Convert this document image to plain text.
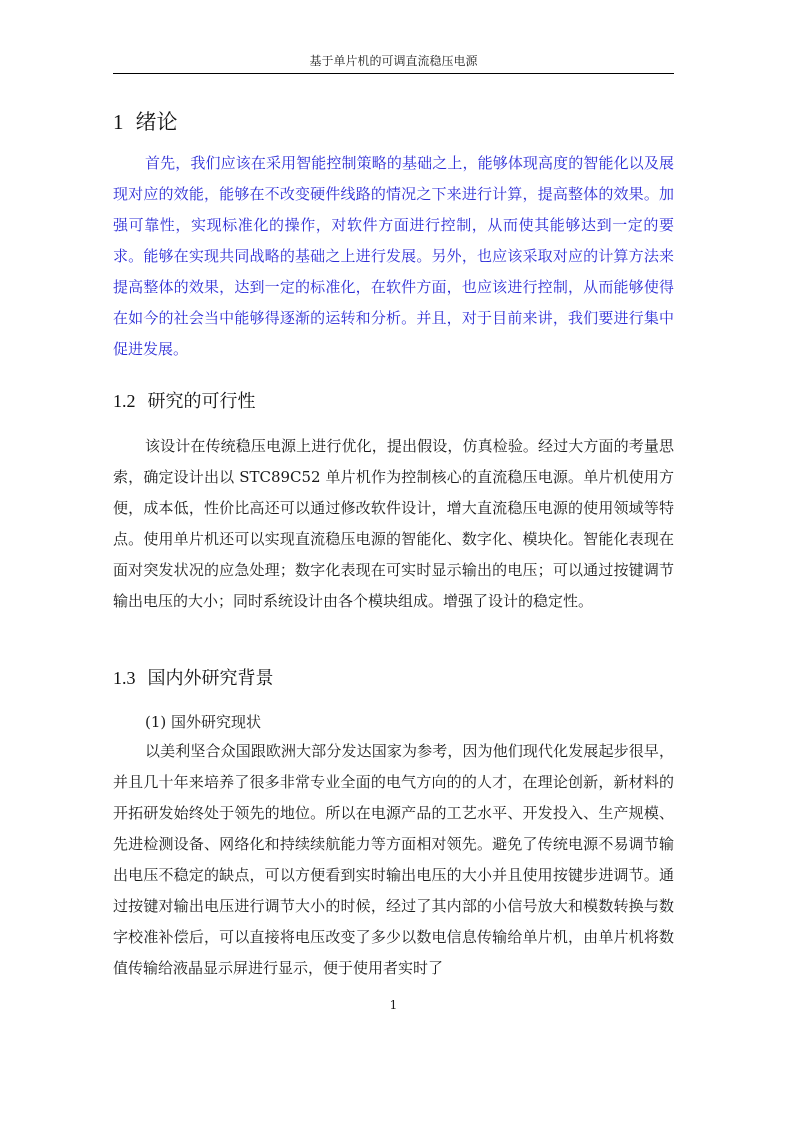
基于单片机的可调直流稳压电源
1 绪论

首先，我们应该在采用智能控制策略的基础之上，能够体现高度的智能化以及展现对应的效能，能够在不改变硬件线路的情况之下来进行计算，提高整体的效果。加强可靠性，实现标准化的操作，对软件方面进行控制，从而使其能够达到一定的要求。能够在实现共同战略的基础之上进行发展。另外，也应该采取对应的计算方法来提高整体的效果，达到一定的标准化，在软件方面，也应该进行控制，从而能够使得在如今的社会当中能够得逐渐的运转和分析。并且，对于目前来讲，我们要进行集中促进发展。

1.2 研究的可行性

该设计在传统稳压电源上进行优化，提出假设，仿真检验。经过大方面的考量思索，确定设计出以 STC89C52 单片机作为控制核心的直流稳压电源。单片机使用方便，成本低，性价比高还可以通过修改软件设计，增大直流稳压电源的使用领域等特点。使用单片机还可以实现直流稳压电源的智能化、数字化、模块化。智能化表现在面对突发状况的应急处理；数字化表现在可实时显示输出的电压；可以通过按键调节输出电压的大小；同时系统设计由各个模块组成。增强了设计的稳定性。

1.3 国内外研究背景
(1) 国外研究现状

以美利坚合众国跟欧洲大部分发达国家为参考，因为他们现代化发展起步很早，并且几十年来培养了很多非常专业全面的电气方向的的人才，在理论创新，新材料的开拓研发始终处于领先的地位。所以在电源产品的工艺水平、开发投入、生产规模、先进检测设备、网络化和持续续航能力等方面相对领先。避免了传统电源不易调节输出电压不稳定的缺点，可以方便看到实时输出电压的大小并且使用按键步进调节。通过按键对输出电压进行调节大小的时候，经过了其内部的小信号放大和模数转换与数字校准补偿后，可以直接将电压改变了多少以数电信息传输给单片机，由单片机将数值传输给液晶显示屏进行显示，便于使用者实时了

1
